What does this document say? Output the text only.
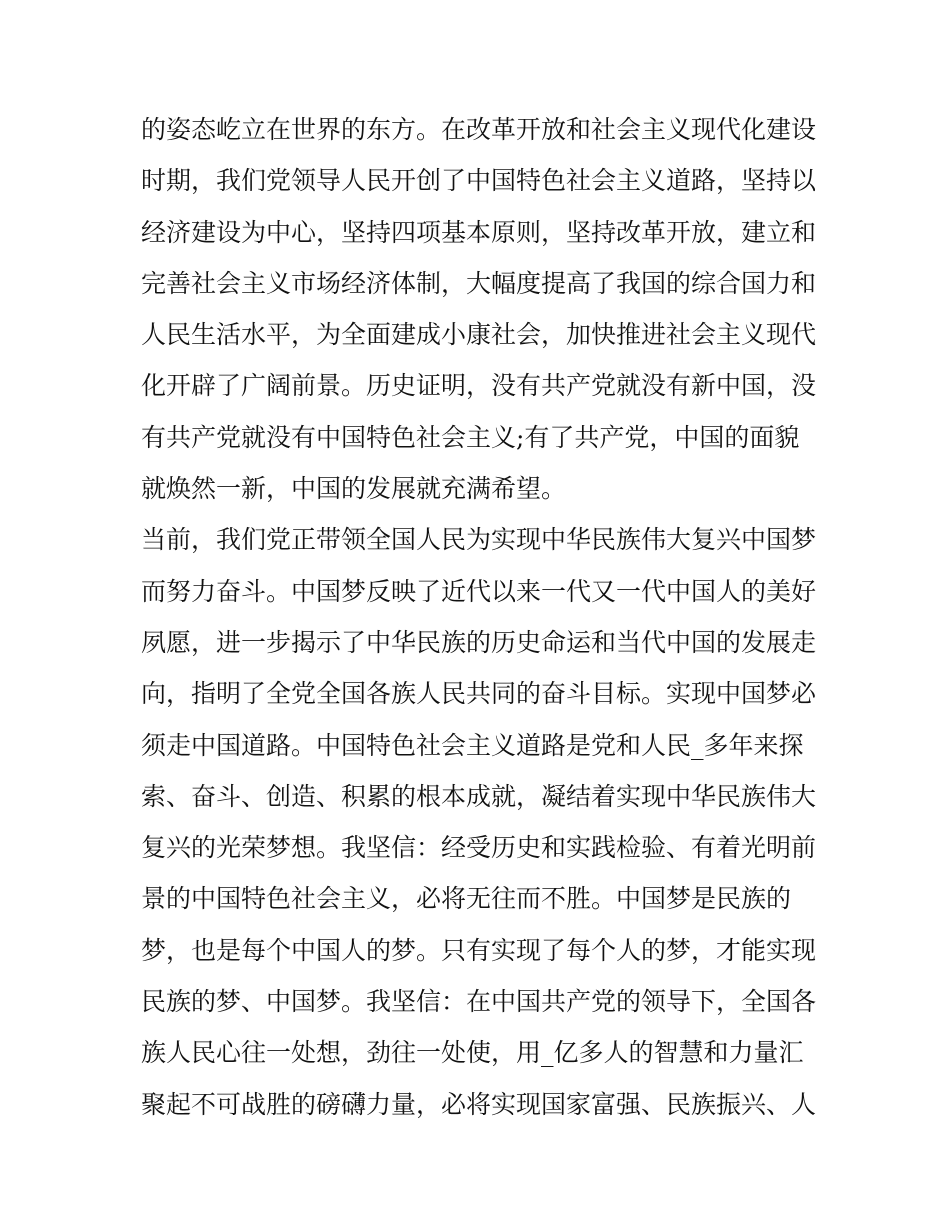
的姿态屹立在世界的东方。在改革开放和社会主义现代化建设
时期，我们党领导人民开创了中国特色社会主义道路，坚持以
经济建设为中心，坚持四项基本原则，坚持改革开放，建立和
完善社会主义市场经济体制，大幅度提高了我国的综合国力和
人民生活水平，为全面建成小康社会，加快推进社会主义现代
化开辟了广阔前景。历史证明，没有共产党就没有新中国，没
有共产党就没有中国特色社会主义;有了共产党，中国的面貌
就焕然一新，中国的发展就充满希望。
当前，我们党正带领全国人民为实现中华民族伟大复兴中国梦
而努力奋斗。中国梦反映了近代以来一代又一代中国人的美好
夙愿，进一步揭示了中华民族的历史命运和当代中国的发展走
向，指明了全党全国各族人民共同的奋斗目标。实现中国梦必
须走中国道路。中国特色社会主义道路是党和人民_多年来探
索、奋斗、创造、积累的根本成就，凝结着实现中华民族伟大
复兴的光荣梦想。我坚信：经受历史和实践检验、有着光明前
景的中国特色社会主义，必将无往而不胜。中国梦是民族的
梦，也是每个中国人的梦。只有实现了每个人的梦，才能实现
民族的梦、中国梦。我坚信：在中国共产党的领导下，全国各
族人民心往一处想，劲往一处使，用_亿多人的智慧和力量汇
聚起不可战胜的磅礴力量，必将实现国家富强、民族振兴、人
